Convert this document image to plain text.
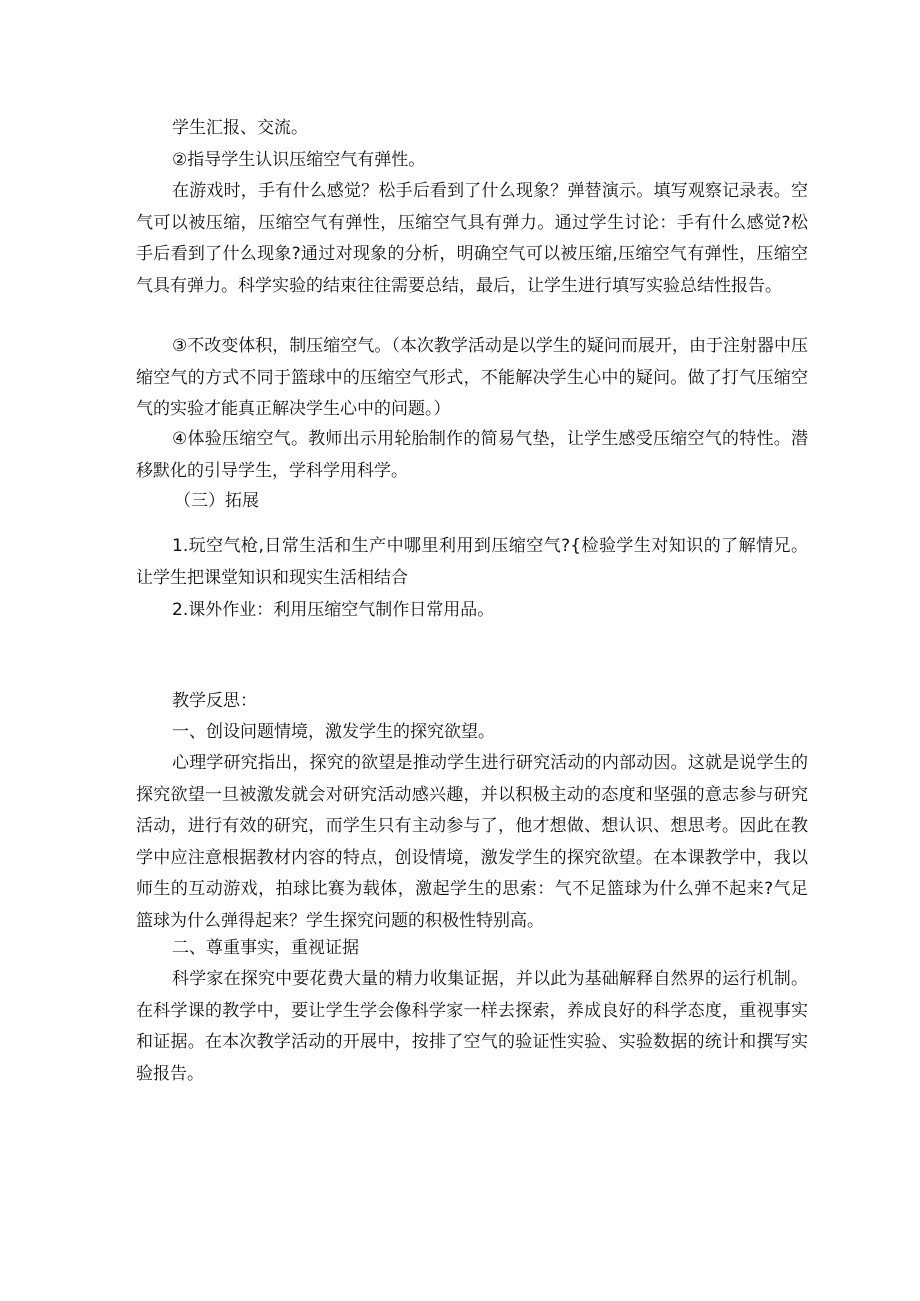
学生汇报、交流。

②指导学生认识压缩空气有弹性。

在游戏时，手有什么感觉？松手后看到了什么现象？弹替演示。填写观察记录表。空气可以被压缩，压缩空气有弹性，压缩空气具有弹力。通过学生讨论：手有什么感觉?松手后看到了什么现象?通过对现象的分析，明确空气可以被压缩,压缩空气有弹性，压缩空气具有弹力。科学实验的结束往往需要总结，最后，让学生进行填写实验总结性报告。

③不改变体积，制压缩空气。（本次教学活动是以学生的疑问而展开，由于注射器中压缩空气的方式不同于篮球中的压缩空气形式，不能解决学生心中的疑问。做了打气压缩空气的实验才能真正解决学生心中的问题。）

④体验压缩空气。教师出示用轮胎制作的简易气垫，让学生感受压缩空气的特性。潜移默化的引导学生，学科学用科学。

（三）拓展

1.玩空气枪,日常生活和生产中哪里利用到压缩空气?{检验学生对知识的了解情兄。让学生把课堂知识和现实生活相结合

2.课外作业：利用压缩空气制作日常用品。

教学反思：

一、创设问题情境，激发学生的探究欲望。

心理学研究指出，探究的欲望是推动学生进行研究活动的内部动因。这就是说学生的探究欲望一旦被激发就会对研究活动感兴趣，并以积极主动的态度和坚强的意志参与研究活动，进行有效的研究，而学生只有主动参与了，他才想做、想认识、想思考。因此在教学中应注意根据教材内容的特点，创设情境，激发学生的探究欲望。在本课教学中，我以师生的互动游戏，拍球比赛为载体，激起学生的思索：气不足篮球为什么弹不起来?气足篮球为什么弹得起来？学生探究问题的积极性特别高。

二、尊重事实，重视证据

科学家在探究中要花费大量的精力收集证据，并以此为基础解释自然界的运行机制。在科学课的教学中，要让学生学会像科学家一样去探索，养成良好的科学态度，重视事实和证据。在本次教学活动的开展中，按排了空气的验证性实验、实验数据的统计和撰写实验报告。
